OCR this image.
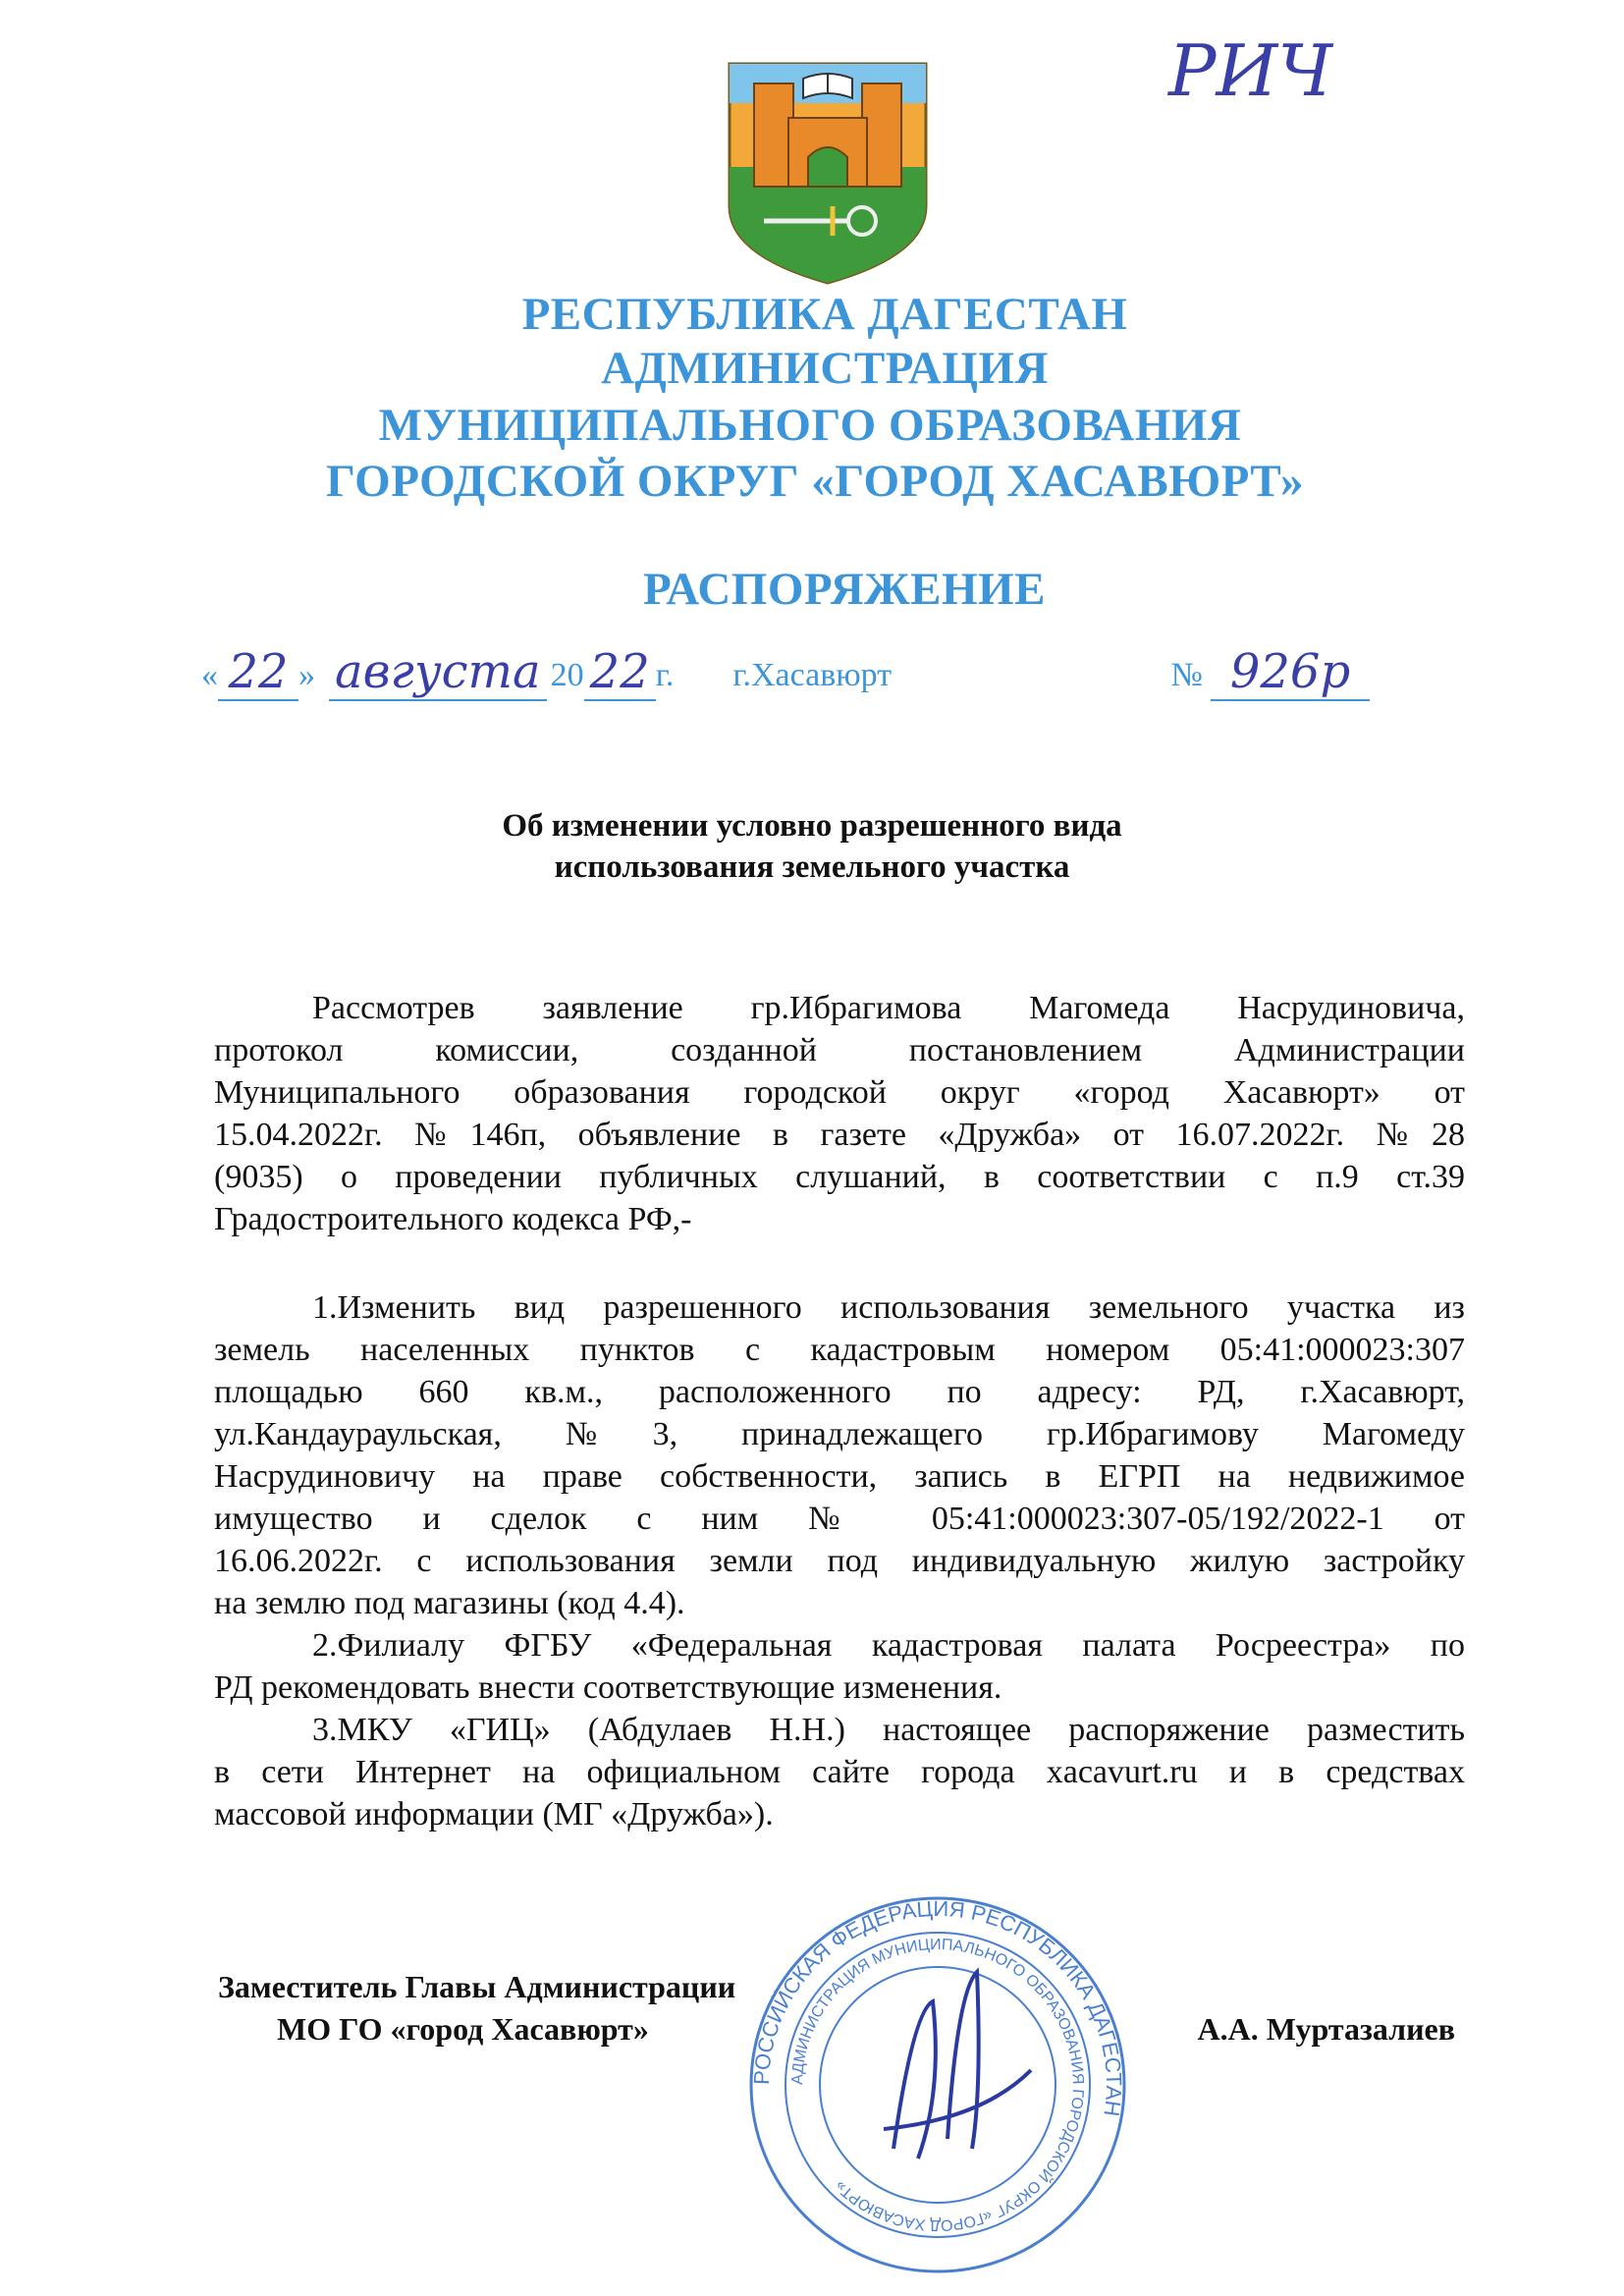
РИЧ
РЕСПУБЛИКА ДАГЕСТАН
АДМИНИСТРАЦИЯ
МУНИЦИПАЛЬНОГО ОБРАЗОВАНИЯ
ГОРОДСКОЙ ОКРУГ «ГОРОД ХАСАВЮРТ»
РАСПОРЯЖЕНИЕ
« 22 » августа 20 22 г. г.Хасавюрт	№ 926р
Об изменении условно разрешенного вида
использования земельного участка
Рассмотрев заявление гр.Ибрагимова Магомеда Насрудиновича,
протокол комиссии, созданной постановлением Администрации
Муниципального образования городской округ «город Хасавюрт» от
15.04.2022г. №146п, объявление в газете «Дружба» от 16.07.2022г. №28
(9035) о проведении публичных слушаний, в соответствии с п.9 ст.39
Градостроительного кодекса РФ,-
1.Изменить вид разрешенного использования земельного участка из
земель населенных пунктов с кадастровым номером 05:41:000023:307
площадью 660 кв.м., расположенного по адресу: РД, г.Хасавюрт,
ул.Кандаураульская, №3, принадлежащего гр.Ибрагимову Магомеду
Насрудиновичу на праве собственности, запись в ЕГРП на недвижимое
имущество и сделок с ним № 05:41:000023:307-05/192/2022-1 от
16.06.2022г. с использования земли под индивидуальную жилую застройку
на землю под магазины (код 4.4).
2.Филиалу ФГБУ «Федеральная кадастровая палата Росреестра» по
РД рекомендовать внести соответствующие изменения.
3.МКУ «ГИЦ» (Абдулаев Н.Н.) настоящее распоряжение разместить
в сети Интернет на официальном сайте города xacavurt.ru и в средствах
массовой информации (МГ «Дружба»).
РОССИЙСКАЯ ФЕДЕРАЦИЯ РЕСПУБЛИКА ДАГЕСТАН
АДМИНИСТРАЦИЯ МУНИЦИПАЛЬНОГО ОБРАЗОВАНИЯ ГОРОДСКОЙ ОКРУГ «ГОРОД ХАСАВЮРТ»
Заместитель Главы Администрации
МО ГО «город Хасавюрт»	А.А. Муртазалиев
